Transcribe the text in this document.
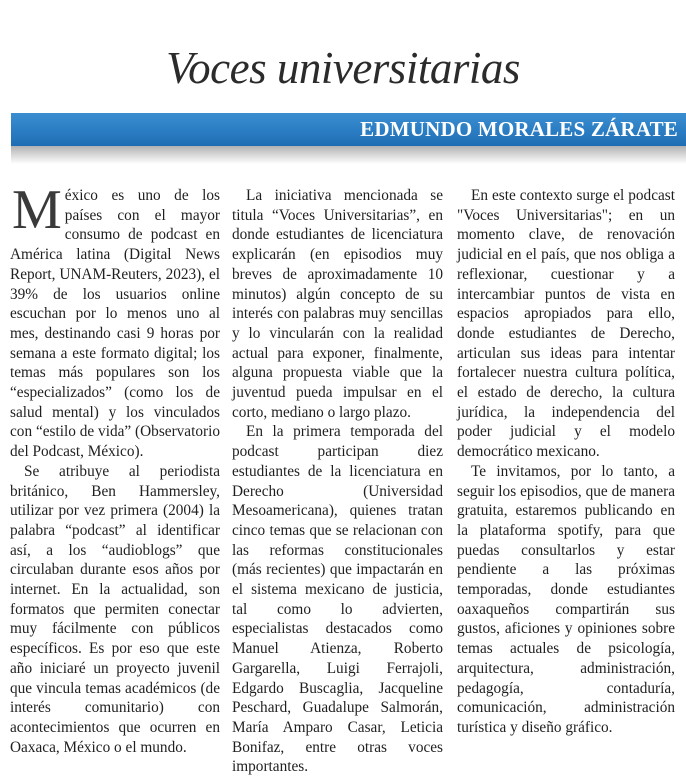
Voces universitarias
EDMUNDO MORALES ZÁRATE

México es uno de los países con el mayor consumo de podcast en América latina (Digital News Report, UNAM-Reuters, 2023), el 39% de los usuarios online escuchan por lo menos uno al mes, destinando casi 9 horas por semana a este formato digital; los temas más populares son los “especializados” (como los de salud mental) y los vinculados con “estilo de vida” (Observatorio del Podcast, México).

Se atribuye al periodista británico, Ben Hammersley, utilizar por vez primera (2004) la palabra “podcast” al identificar así, a los “audioblogs” que circulaban durante esos años por internet. En la actualidad, son formatos que permiten conectar muy fácilmente con públicos específicos. Es por eso que este año iniciaré un proyecto juvenil que vincula temas académicos (de interés comunitario) con acontecimientos que ocurren en Oaxaca, México o el mundo.

La iniciativa mencionada se titula “Voces Universitarias”, en donde estudiantes de licenciatura explicarán (en episodios muy breves de aproximadamente 10 minutos) algún concepto de su interés con palabras muy sencillas y lo vincularán con la realidad actual para exponer, finalmente, alguna propuesta viable que la juventud pueda impulsar en el corto, mediano o largo plazo.

En la primera temporada del podcast participan diez estudiantes de la licenciatura en Derecho (Universidad Mesoamericana), quienes tratan cinco temas que se relacionan con las reformas constitucionales (más recientes) que impactarán en el sistema mexicano de justicia, tal como lo advierten, especialistas destacados como Manuel Atienza, Roberto Gargarella, Luigi Ferrajoli, Edgardo Buscaglia, Jacqueline Peschard, Guadalupe Salmorán, María Amparo Casar, Leticia Bonifaz, entre otras voces importantes.

En este contexto surge el podcast "Voces Universitarias"; en un momento clave, de renovación judicial en el país, que nos obliga a reflexionar, cuestionar y a intercambiar puntos de vista en espacios apropiados para ello, donde estudiantes de Derecho, articulan sus ideas para intentar fortalecer nuestra cultura política, el estado de derecho, la cultura jurídica, la independencia del poder judicial y el modelo democrático mexicano.

Te invitamos, por lo tanto, a seguir los episodios, que de manera gratuita, estaremos publicando en la plataforma spotify, para que puedas consultarlos y estar pendiente a las próximas temporadas, donde estudiantes oaxaqueños compartirán sus gustos, aficiones y opiniones sobre temas actuales de psicología, arquitectura, administración, pedagogía, contaduría, comunicación, administración turística y diseño gráfico.
